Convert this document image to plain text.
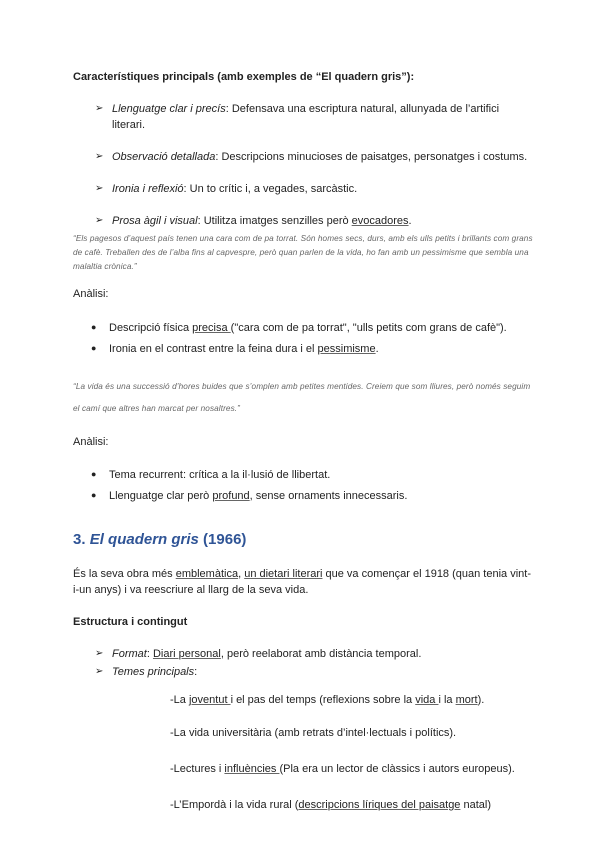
Característiques principals (amb exemples de “El quadern gris”):

➢ Llenguatge clar i precís: Defensava una escriptura natural, allunyada de l’artifici literari.
➢ Observació detallada: Descripcions minucioses de paisatges, personatges i costums.
➢ Ironia i reflexió: Un to crític i, a vegades, sarcàstic.
➢ Prosa àgil i visual: Utilitza imatges senzilles però evocadores.

“Els pagesos d’aquest país tenen una cara com de pa torrat. Són homes secs, durs, amb els ulls petits i brillants com grans de cafè. Treballen des de l’alba fins al capvespre, però quan parlen de la vida, ho fan amb un pessimisme que sembla una malaltia crònica.”

Anàlisi:

●	Descripció física precisa ("cara com de pa torrat", "ulls petits com grans de cafè").
●	Ironia en el contrast entre la feina dura i el pessimisme.

“La vida és una successió d’hores buides que s’omplen amb petites mentides. Creiem que som lliures, però només seguim el camí que altres han marcat per nosaltres.”

Anàlisi:

●	Tema recurrent: crítica a la il·lusió de llibertat.
●	Llenguatge clar però profund, sense ornaments innecessaris.
3. El quadern gris (1966)

És la seva obra més emblemàtica, un dietari literari que va començar el 1918 (quan tenia vint-i-un anys) i va reescriure al llarg de la seva vida.

Estructura i contingut

➢ Format: Diari personal, però reelaborat amb distància temporal.
➢ Temes principals:
-La joventut i el pas del temps (reflexions sobre la vida i la mort).
-La vida universitària (amb retrats d’intel·lectuals i polítics).
-Lectures i influències (Pla era un lector de clàssics i autors europeus).
-L’Empordà i la vida rural (descripcions líriques del paisatge natal)
